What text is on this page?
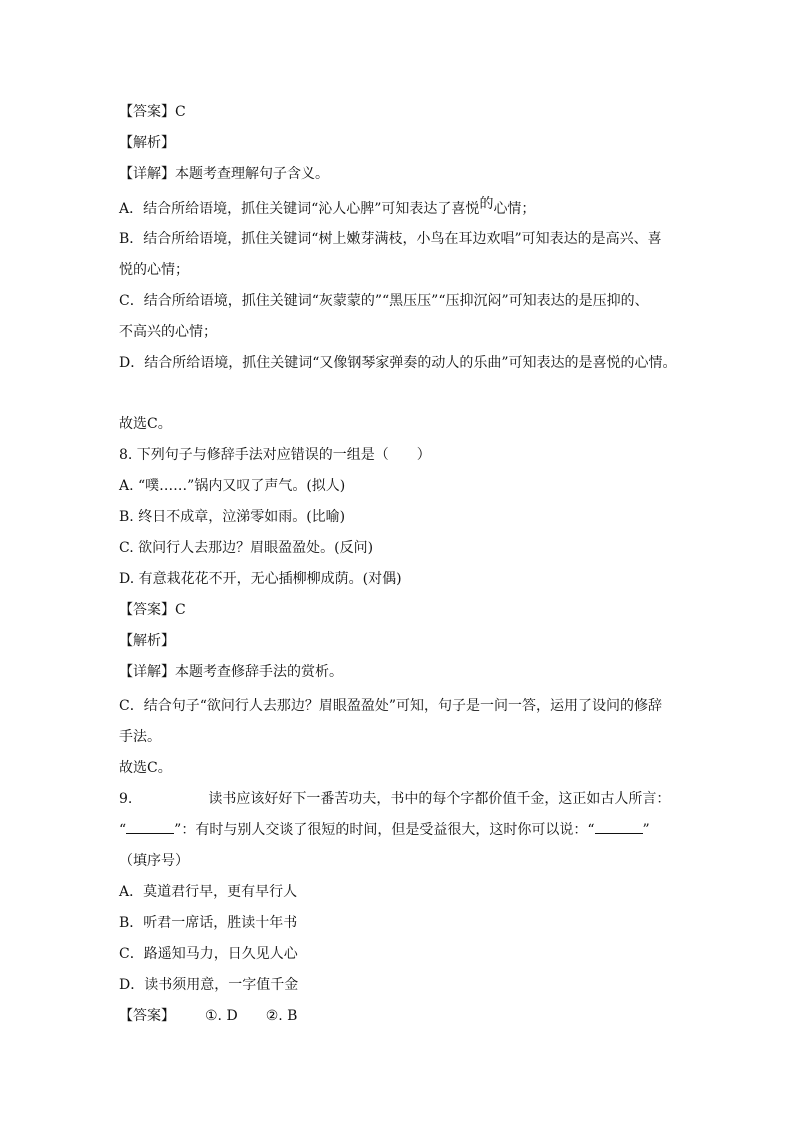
【答案】C
【解析】
【详解】本题考查理解句子含义。
A．结合所给语境，抓住关键词“沁人心脾”可知表达了喜悦的心情；
B．结合所给语境，抓住关键词“树上嫩芽满枝，小鸟在耳边欢唱”可知表达的是高兴、喜
悦的心情；
C．结合所给语境，抓住关键词“灰蒙蒙的”“黑压压”“压抑沉闷”可知表达的是压抑的、
不高兴的心情；
D．结合所给语境，抓住关键词“又像钢琴家弹奏的动人的乐曲”可知表达的是喜悦的心情。
故选C。
8. 下列句子与修辞手法对应错误的一组是（　　）
A. “噗……”锅内又叹了声气。(拟人)
B. 终日不成章，泣涕零如雨。(比喻)
C. 欲问行人去那边？眉眼盈盈处。(反问)
D. 有意栽花花不开，无心插柳柳成荫。(对偶)
【答案】C
【解析】
【详解】本题考查修辞手法的赏析。
C．结合句子“欲问行人去那边？眉眼盈盈处”可知，句子是一问一答，运用了设问的修辞
手法。
故选C。
9.	读书应该好好下一番苦功夫，书中的每个字都价值千金，这正如古人所言：
“	”：有时与别人交谈了很短的时间，但是受益很大，这时你可以说：“	”
（填序号）
A．莫道君行早，更有早行人
B．听君一席话，胜读十年书
C．路遥知马力，日久见人心
D．读书须用意，一字值千金
【答案】 ①. D ②. B
